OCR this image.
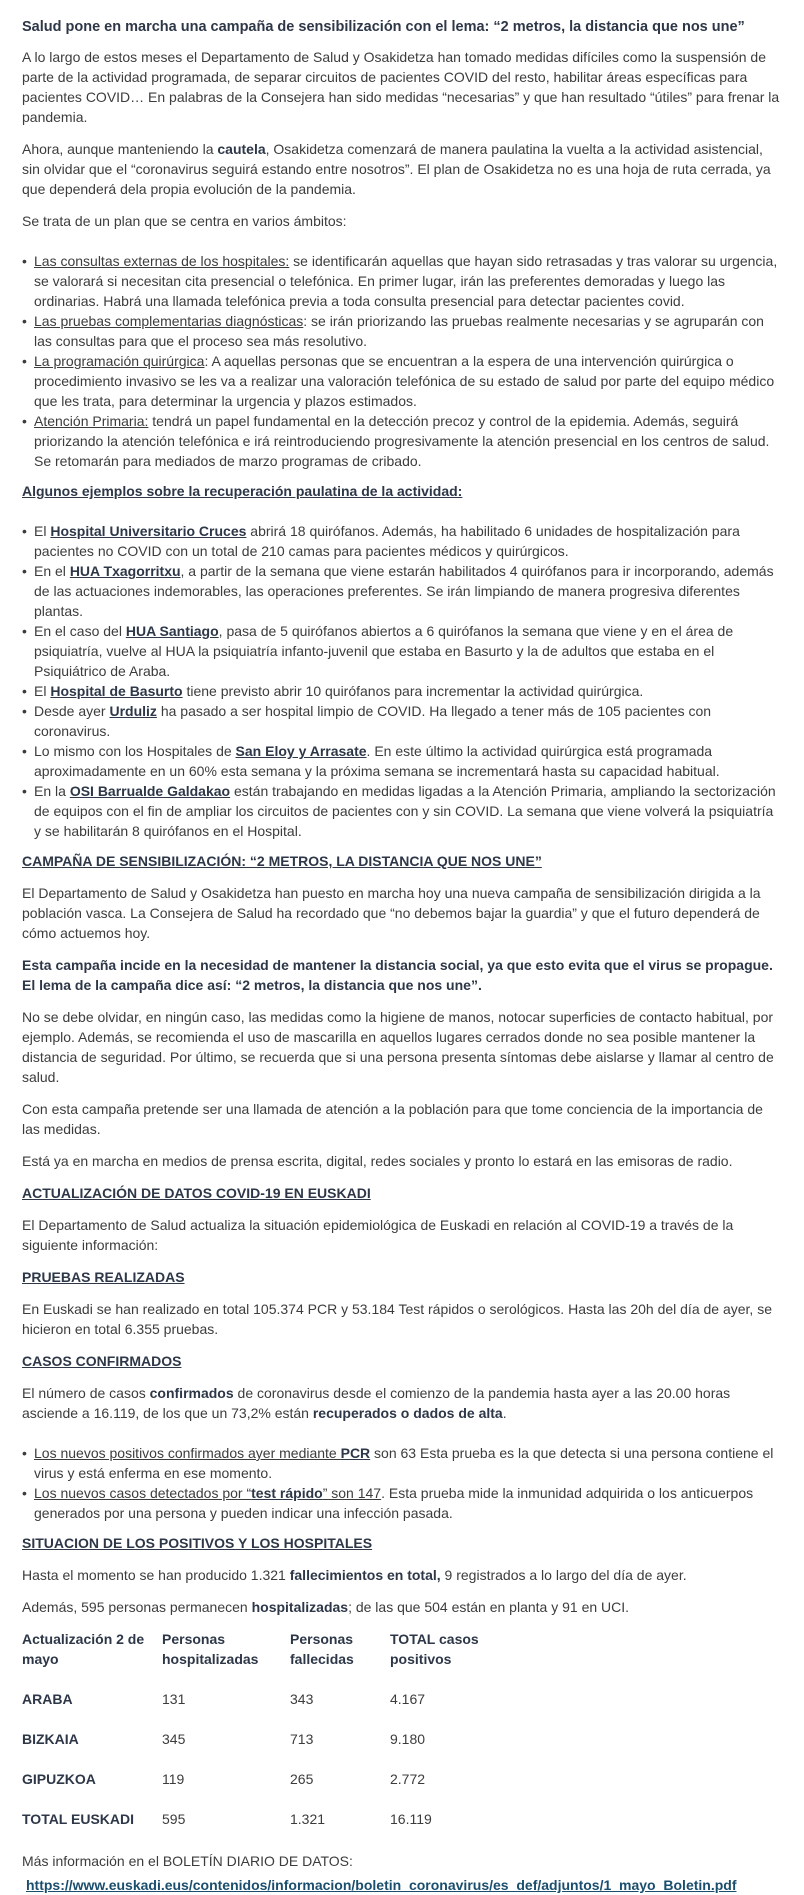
Salud pone en marcha una campaña de sensibilización con el lema: “2 metros, la distancia que nos une”

A lo largo de estos meses el Departamento de Salud y Osakidetza han tomado medidas difíciles como la suspensión de parte de la actividad programada, de separar circuitos de pacientes COVID del resto, habilitar áreas específicas para pacientes COVID… En palabras de la Consejera han sido medidas “necesarias” y que han resultado “útiles” para frenar la pandemia.

Ahora, aunque manteniendo la cautela, Osakidetza comenzará de manera paulatina la vuelta a la actividad asistencial, sin olvidar que el “coronavirus seguirá estando entre nosotros”. El plan de Osakidetza no es una hoja de ruta cerrada, ya que dependerá dela propia evolución de la pandemia.

Se trata de un plan que se centra en varios ámbitos:

• Las consultas externas de los hospitales: se identificarán aquellas que hayan sido retrasadas y tras valorar su urgencia, se valorará si necesitan cita presencial o telefónica. En primer lugar, irán las preferentes demoradas y luego las ordinarias. Habrá una llamada telefónica previa a toda consulta presencial para detectar pacientes covid.
• Las pruebas complementarias diagnósticas: se irán priorizando las pruebas realmente necesarias y se agruparán con las consultas para que el proceso sea más resolutivo.
• La programación quirúrgica: A aquellas personas que se encuentran a la espera de una intervención quirúrgica o procedimiento invasivo se les va a realizar una valoración telefónica de su estado de salud por parte del equipo médico que les trata, para determinar la urgencia y plazos estimados.
• Atención Primaria: tendrá un papel fundamental en la detección precoz y control de la epidemia. Además, seguirá priorizando la atención telefónica e irá reintroduciendo progresivamente la atención presencial en los centros de salud. Se retomarán para mediados de marzo programas de cribado.
Algunos ejemplos sobre la recuperación paulatina de la actividad:
• El Hospital Universitario Cruces abrirá 18 quirófanos. Además, ha habilitado 6 unidades de hospitalización para pacientes no COVID con un total de 210 camas para pacientes médicos y quirúrgicos.
• En el HUA Txagorritxu, a partir de la semana que viene estarán habilitados 4 quirófanos para ir incorporando, además de las actuaciones indemorables, las operaciones preferentes. Se irán limpiando de manera progresiva diferentes plantas.
• En el caso del HUA Santiago, pasa de 5 quirófanos abiertos a 6 quirófanos la semana que viene y en el área de psiquiatría, vuelve al HUA la psiquiatría infanto-juvenil que estaba en Basurto y la de adultos que estaba en el Psiquiátrico de Araba.
• El Hospital de Basurto tiene previsto abrir 10 quirófanos para incrementar la actividad quirúrgica.
• Desde ayer Urduliz ha pasado a ser hospital limpio de COVID. Ha llegado a tener más de 105 pacientes con coronavirus.
• Lo mismo con los Hospitales de San Eloy y Arrasate. En este último la actividad quirúrgica está programada aproximadamente en un 60% esta semana y la próxima semana se incrementará hasta su capacidad habitual.
• En la OSI Barrualde Galdakao están trabajando en medidas ligadas a la Atención Primaria, ampliando la sectorización de equipos con el fin de ampliar los circuitos de pacientes con y sin COVID. La semana que viene volverá la psiquiatría y se habilitarán 8 quirófanos en el Hospital.
CAMPAÑA DE SENSIBILIZACIÓN: “2 METROS, LA DISTANCIA QUE NOS UNE”

El Departamento de Salud y Osakidetza han puesto en marcha hoy una nueva campaña de sensibilización dirigida a la población vasca. La Consejera de Salud ha recordado que “no debemos bajar la guardia” y que el futuro dependerá de cómo actuemos hoy.

Esta campaña incide en la necesidad de mantener la distancia social, ya que esto evita que el virus se propague. El lema de la campaña dice así: “2 metros, la distancia que nos une”.

No se debe olvidar, en ningún caso, las medidas como la higiene de manos, notocar superficies de contacto habitual, por ejemplo. Además, se recomienda el uso de mascarilla en aquellos lugares cerrados donde no sea posible mantener la distancia de seguridad. Por último, se recuerda que si una persona presenta síntomas debe aislarse y llamar al centro de salud.

Con esta campaña pretende ser una llamada de atención a la población para que tome conciencia de la importancia de las medidas.

Está ya en marcha en medios de prensa escrita, digital, redes sociales y pronto lo estará en las emisoras de radio.

ACTUALIZACIÓN DE DATOS COVID-19 EN EUSKADI

El Departamento de Salud actualiza la situación epidemiológica de Euskadi en relación al COVID-19 a través de la siguiente información:

PRUEBAS REALIZADAS

En Euskadi se han realizado en total 105.374 PCR y 53.184 Test rápidos o serológicos. Hasta las 20h del día de ayer, se hicieron en total 6.355 pruebas.

CASOS CONFIRMADOS

El número de casos confirmados de coronavirus desde el comienzo de la pandemia hasta ayer a las 20.00 horas asciende a 16.119, de los que un 73,2% están recuperados o dados de alta.

• Los nuevos positivos confirmados ayer mediante PCR son 63 Esta prueba es la que detecta si una persona contiene el virus y está enferma en ese momento.
• Los nuevos casos detectados por “test rápido” son 147. Esta prueba mide la inmunidad adquirida o los anticuerpos generados por una persona y pueden indicar una infección pasada.
SITUACION DE LOS POSITIVOS Y LOS HOSPITALES

Hasta el momento se han producido 1.321 fallecimientos en total, 9 registrados a lo largo del día de ayer.

Además, 595 personas permanecen hospitalizadas; de las que 504 están en planta y 91 en UCI.

Actualización 2 de mayo	Personas hospitalizadas	Personas fallecidas	TOTAL casos positivos
ARABA	131	343	4.167
BIZKAIA	345	713	9.180
GIPUZKOA	119	265	2.772
TOTAL EUSKADI	595	1.321	16.119

Más información en el BOLETÍN DIARIO DE DATOS:

https://www.euskadi.eus/contenidos/informacion/boletin_coronavirus/es_def/adjuntos/1_mayo_Boletin.pdf
